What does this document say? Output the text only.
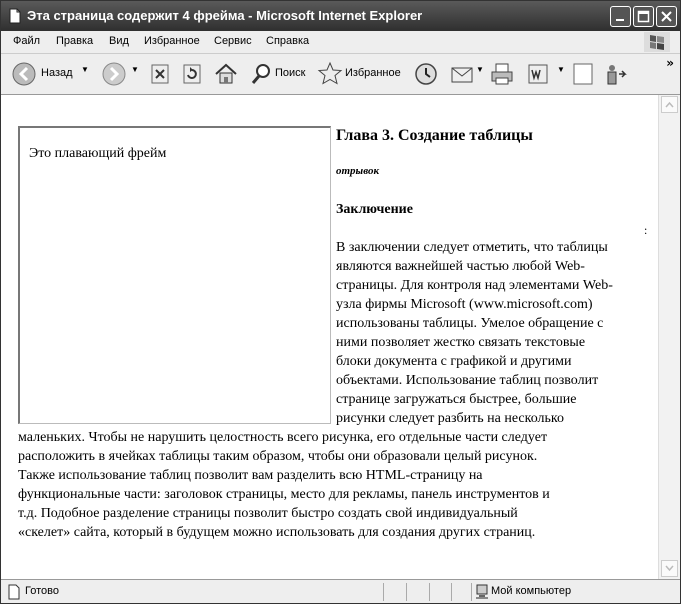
Эта страница содержит 4 фрейма - Microsoft Internet Explorer
Файл Правка Вид Избранное Сервис Справка
Назад ▼	▼	Поиск	Избранное	▼	▼	»
Это плавающий фрейм
Глава 3. Создание таблицы
отрывок
Заключение
:
В заключении следует отметить, что таблицы
являются важнейшей частью любой Web-
страницы. Для контроля над элементами Web-
узла фирмы Microsoft (www.microsoft.com)
использованы таблицы. Умелое обращение с
ними позволяет жестко связать текстовые
блоки документа с графикой и другими
объектами. Использование таблиц позволит
странице загружаться быстрее, большие
рисунки следует разбить на несколько
маленьких. Чтобы не нарушить целостность всего рисунка, его отдельные части следует
расположить в ячейках таблицы таким образом, чтобы они образовали целый рисунок.
Также использование таблиц позволит вам разделить всю HTML-страницу на
функциональные части: заголовок страницы, место для рекламы, панель инструментов и
т.д. Подобное разделение страницы позволит быстро создать свой индивидуальный
«скелет» сайта, который в будущем можно использовать для создания других страниц.
Готово	Мой компьютер
